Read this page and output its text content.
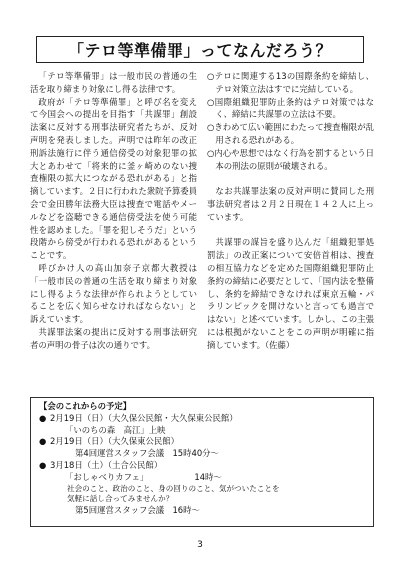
「テロ等準備罪」ってなんだろう？

「テロ等準備罪」は一般市民の普通の生活を取り締まり対象にし得る法律です。

政府が「テロ等準備罪」と呼び名を変えて今国会への提出を目指す「共謀罪」創設法案に反対する刑事法研究者たちが、反対声明を発表しました。声明では昨年の改正刑訴法施行に伴う通信傍受の対象犯罪の拡大とあわせて「将来的に釜ヶ崎めのない捜査権限の拡大につながる恐れがある」と指摘しています。２日に行われた衆院予算委員会で金田勝年法務大臣は捜査で電話やメールなどを盗聴できる通信傍受法を使う可能性を認めました。「罪を犯しそうだ」という段階から傍受が行われる恐れがあるということです。

呼びかけ人の高山加奈子京都大教授は「一般市民の普通の生活を取り締まり対象にし得るような法律が作られようとしていることを広く知らせなければならない」と訴えています。

共謀罪法案の提出に反対する刑事法研究者の声明の骨子は次の通りです。

○テロに関連する13の国際条約を締結し、テロ対策立法はすでに完結している。

○国際組織犯罪防止条約はテロ対策ではなく、締結に共謀罪の立法は不要。

○きわめて広い範囲にわたって捜査権限が乱用される恐れがある。

○内心や思想ではなく行為を罰するという日本の刑法の原則が破壊される。

なお共謀罪法案の反対声明に賛同した刑事法研究者は２月２日現在１４２人に上っています。

共謀罪の謀旨を盛り込んだ「組織犯罪処罰法」の改正案について安倍首相は、捜査の相互協力などを定めた国際組織犯罪防止条約の締結に必要だとして、「国内法を整備し、条約を締結できなければ東京五輪・パラリンピックを開けないと言っても過言ではない」と述べています。しかし、この主張には根拠がないことをこの声明が明確に指摘しています。（佐藤）

【会のこれからの予定】
● 2月19日（日）（大久保公民館・大久保東公民館）
「いのちの森　高江」上映
● 2月19日（日）（大久保東公民館）
第4回運営スタッフ会議　15時40分～
● 3月18日（土）（土合公民館）
「おしゃべりカフェ」　　　　　　14時～
社会のこと、政治のこと、身の回りのこと、気がついたことを
気軽に話し合ってみませんか？
第5回運営スタッフ会議　16時～
3
